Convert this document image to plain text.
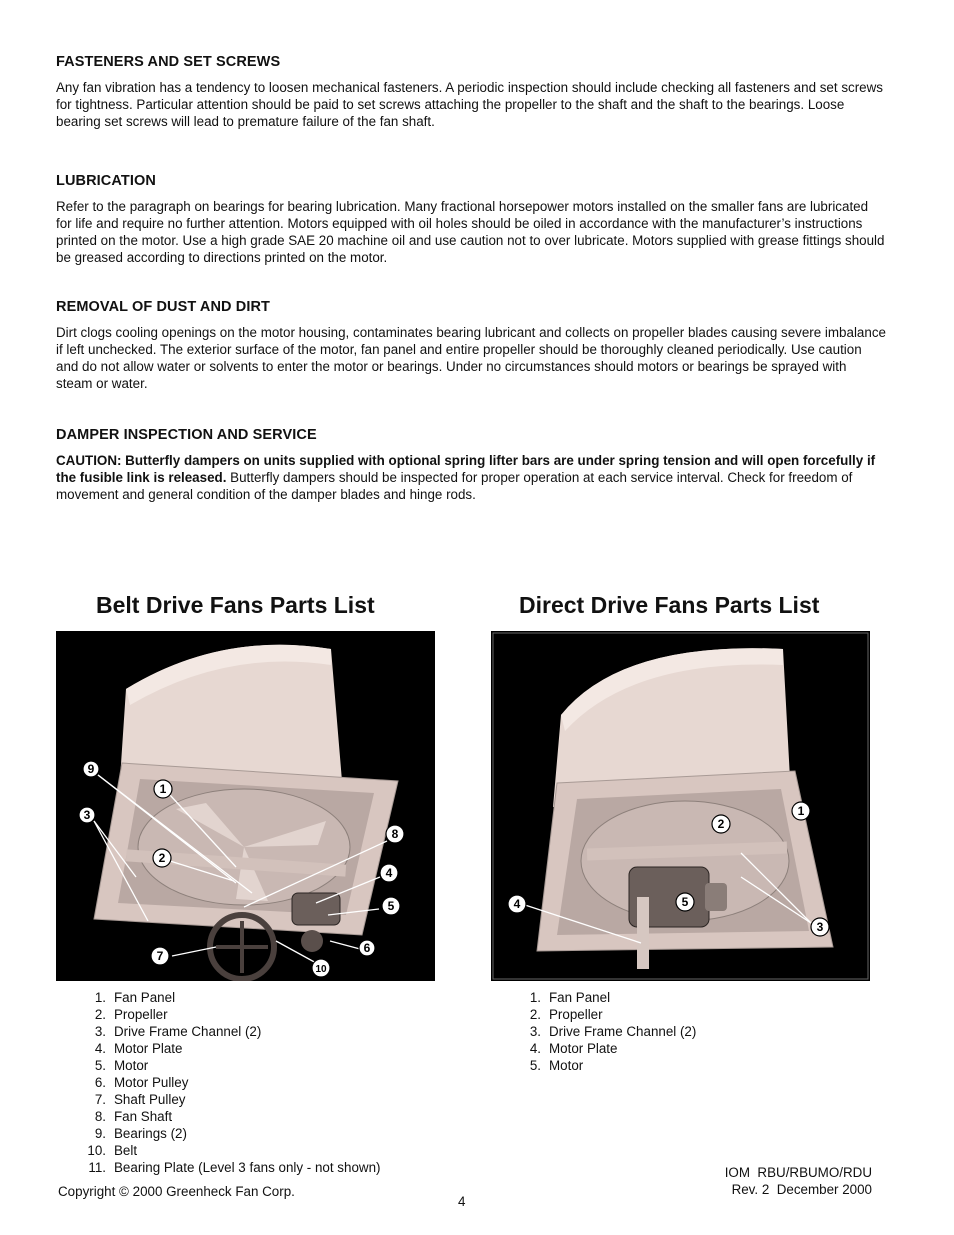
FASTENERS AND SET SCREWS

Any fan vibration has a tendency to loosen mechanical fasteners. A periodic inspection should include checking all fasteners and set screws for tightness. Particular attention should be paid to set screws attaching the propeller to the shaft and the shaft to the bearings. Loose bearing set screws will lead to premature failure of the fan shaft.

LUBRICATION

Refer to the paragraph on bearings for bearing lubrication. Many fractional horsepower motors installed on the smaller fans are lubricated for life and require no further attention. Motors equipped with oil holes should be oiled in accordance with the manufacturer’s instructions printed on the motor. Use a high grade SAE 20 machine oil and use caution not to over lubricate. Motors supplied with grease fittings should be greased according to directions printed on the motor.

REMOVAL OF DUST AND DIRT

Dirt clogs cooling openings on the motor housing, contaminates bearing lubricant and collects on propeller blades causing severe imbalance if left unchecked. The exterior surface of the motor, fan panel and entire propeller should be thoroughly cleaned periodically. Use caution and do not allow water or solvents to enter the motor or bearings. Under no circumstances should motors or bearings be sprayed with steam or water.

DAMPER INSPECTION AND SERVICE

CAUTION: Butterfly dampers on units supplied with optional spring lifter bars are under spring tension and will open forcefully if the fusible link is released. Butterfly dampers should be inspected for proper operation at each service interval. Check for freedom of movement and general condition of the damper blades and hinge rods.

Belt Drive Fans Parts List
1
2
3
4
5
6
7
8
9
10
1. Fan Panel
2. Propeller
3. Drive Frame Channel (2)
4. Motor Plate
5. Motor
6. Motor Pulley
7. Shaft Pulley
8. Fan Shaft
9. Bearings (2)
10. Belt
11. Bearing Plate (Level 3 fans only - not shown)
Direct Drive Fans Parts List
1
2
3
4	5
1. Fan Panel
2. Propeller
3. Drive Frame Channel (2)
4. Motor Plate
5. Motor
Copyright © 2000 Greenheck Fan Corp.
4
IOM  RBU/RBUMO/RDU
Rev. 2  December 2000
